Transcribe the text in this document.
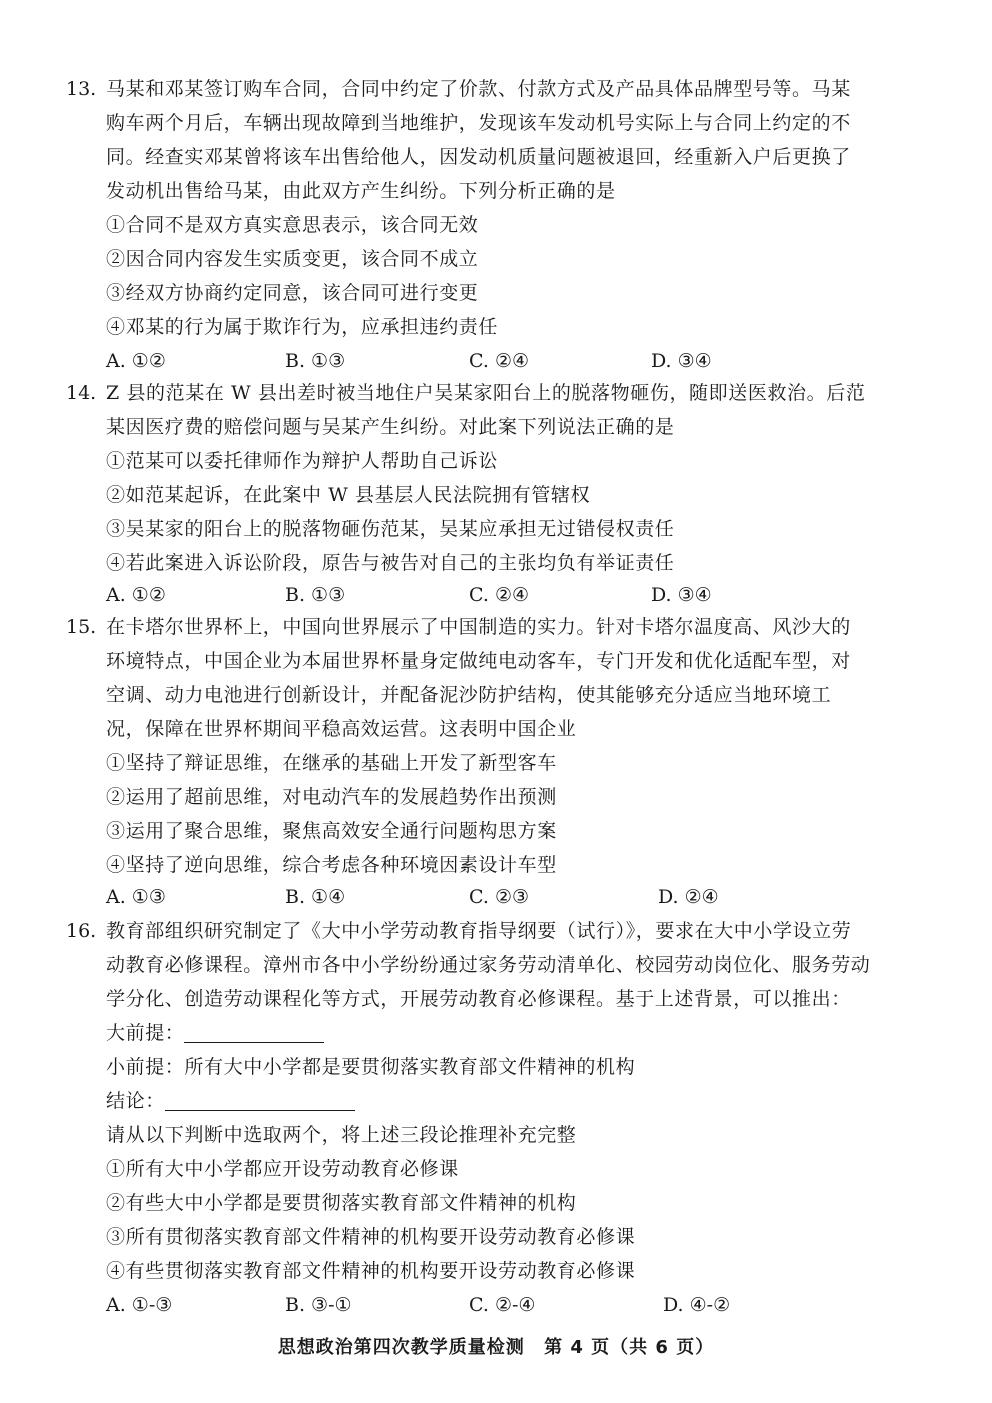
13. 马某和邓某签订购车合同，合同中约定了价款、付款方式及产品具体品牌型号等。马某
购车两个月后，车辆出现故障到当地维护，发现该车发动机号实际上与合同上约定的不
同。经查实邓某曾将该车出售给他人，因发动机质量问题被退回，经重新入户后更换了
发动机出售给马某，由此双方产生纠纷。下列分析正确的是
①合同不是双方真实意思表示，该合同无效
②因合同内容发生实质变更，该合同不成立
③经双方协商约定同意，该合同可进行变更
④邓某的行为属于欺诈行为，应承担违约责任
A. ①②	B. ①③	C. ②④	D. ③④
14. Z 县的范某在 W 县出差时被当地住户吴某家阳台上的脱落物砸伤，随即送医救治。后范
某因医疗费的赔偿问题与吴某产生纠纷。对此案下列说法正确的是
①范某可以委托律师作为辩护人帮助自己诉讼
②如范某起诉，在此案中 W 县基层人民法院拥有管辖权
③吴某家的阳台上的脱落物砸伤范某，吴某应承担无过错侵权责任
④若此案进入诉讼阶段，原告与被告对自己的主张均负有举证责任
A. ①②	B. ①③	C. ②④	D. ③④
15. 在卡塔尔世界杯上，中国向世界展示了中国制造的实力。针对卡塔尔温度高、风沙大的
环境特点，中国企业为本届世界杯量身定做纯电动客车，专门开发和优化适配车型，对
空调、动力电池进行创新设计，并配备泥沙防护结构，使其能够充分适应当地环境工
况，保障在世界杯期间平稳高效运营。这表明中国企业
①坚持了辩证思维，在继承的基础上开发了新型客车
②运用了超前思维，对电动汽车的发展趋势作出预测
③运用了聚合思维，聚焦高效安全通行问题构思方案
④坚持了逆向思维，综合考虑各种环境因素设计车型
A. ①③	B. ①④	C. ②③	D. ②④
16. 教育部组织研究制定了《大中小学劳动教育指导纲要（试行）》，要求在大中小学设立劳
动教育必修课程。漳州市各中小学纷纷通过家务劳动清单化、校园劳动岗位化、服务劳动
学分化、创造劳动课程化等方式，开展劳动教育必修课程。基于上述背景，可以推出：
大前提：
小前提：所有大中小学都是要贯彻落实教育部文件精神的机构
结论：
请从以下判断中选取两个，将上述三段论推理补充完整
①所有大中小学都应开设劳动教育必修课
②有些大中小学都是要贯彻落实教育部文件精神的机构
③所有贯彻落实教育部文件精神的机构要开设劳动教育必修课
④有些贯彻落实教育部文件精神的机构要开设劳动教育必修课
A. ①-③	B. ③-①	C. ②-④	D. ④-②
思想政治第四次教学质量检测 第 4 页（共 6 页）
